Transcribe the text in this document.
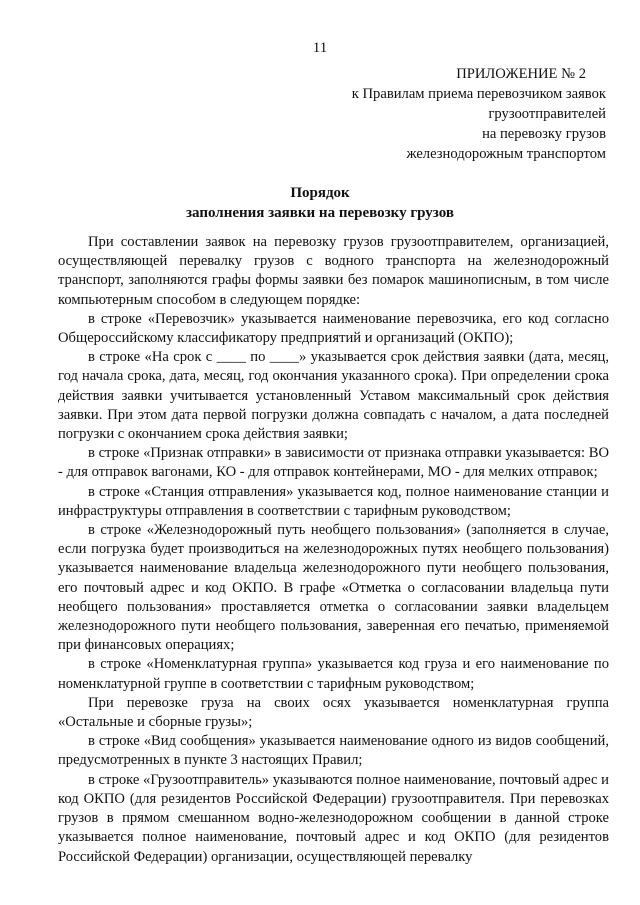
11
ПРИЛОЖЕНИЕ № 2
к Правилам приема перевозчиком заявок
грузоотправителей
на перевозку грузов
железнодорожным транспортом
Порядок
заполнения заявки на перевозку грузов

При составлении заявок на перевозку грузов грузоотправителем, организацией, осуществляющей перевалку грузов с водного транспорта на железнодорожный транспорт, заполняются графы формы заявки без помарок машинописным, в том числе компьютерным способом в следующем порядке:

в строке «Перевозчик» указывается наименование перевозчика, его код согласно Общероссийскому классификатору предприятий и организаций (ОКПО);

в строке «На срок с ____ по ____» указывается срок действия заявки (дата, месяц, год начала срока, дата, месяц, год окончания указанного срока). При определении срока действия заявки учитывается установленный Уставом максимальный срок действия заявки. При этом дата первой погрузки должна совпадать с началом, а дата последней погрузки с окончанием срока действия заявки;

в строке «Признак отправки» в зависимости от признака отправки указывается: ВО - для отправок вагонами, КО - для отправок контейнерами, МО - для мелких отправок;

в строке «Станция отправления» указывается код, полное наименование станции и инфраструктуры отправления в соответствии с тарифным руководством;

в строке «Железнодорожный путь необщего пользования» (заполняется в случае, если погрузка будет производиться на железнодорожных путях необщего пользования) указывается наименование владельца железнодорожного пути необщего пользования, его почтовый адрес и код ОКПО. В графе «Отметка о согласовании владельца пути необщего пользования» проставляется отметка о согласовании заявки владельцем железнодорожного пути необщего пользования, заверенная его печатью, применяемой при финансовых операциях;

в строке «Номенклатурная группа» указывается код груза и его наименование по номенклатурной группе в соответствии с тарифным руководством;

При перевозке груза на своих осях указывается номенклатурная группа «Остальные и сборные грузы»;

в строке «Вид сообщения» указывается наименование одного из видов сообщений, предусмотренных в пункте 3 настоящих Правил;

в строке «Грузоотправитель» указываются полное наименование, почтовый адрес и код ОКПО (для резидентов Российской Федерации) грузоотправителя. При перевозках грузов в прямом смешанном водно-железнодорожном сообщении в данной строке указывается полное наименование, почтовый адрес и код ОКПО (для резидентов Российской Федерации) организации, осуществляющей перевалку
